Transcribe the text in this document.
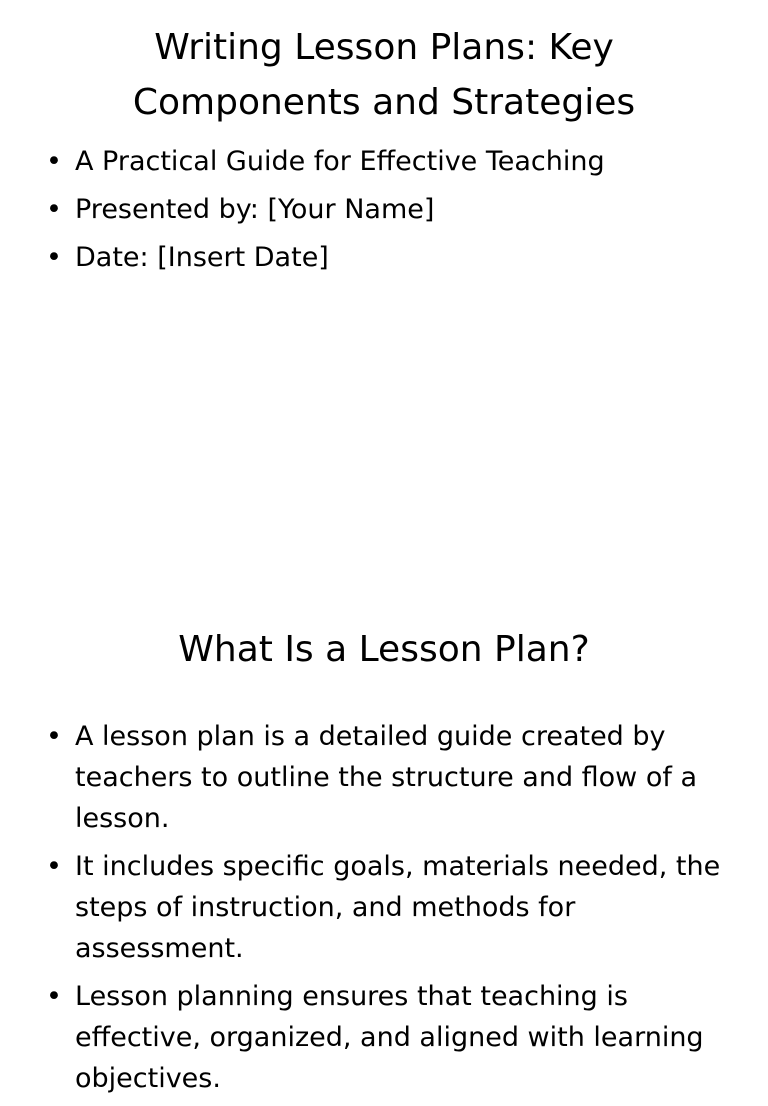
Writing Lesson Plans: Key Components and Strategies
• A Practical Guide for Effective Teaching
• Presented by: [Your Name]
• Date: [Insert Date]
What Is a Lesson Plan?
• A lesson plan is a detailed guide created by teachers to outline the structure and flow of a lesson.
• It includes specific goals, materials needed, the steps of instruction, and methods for assessment.
• Lesson planning ensures that teaching is effective, organized, and aligned with learning objectives.
